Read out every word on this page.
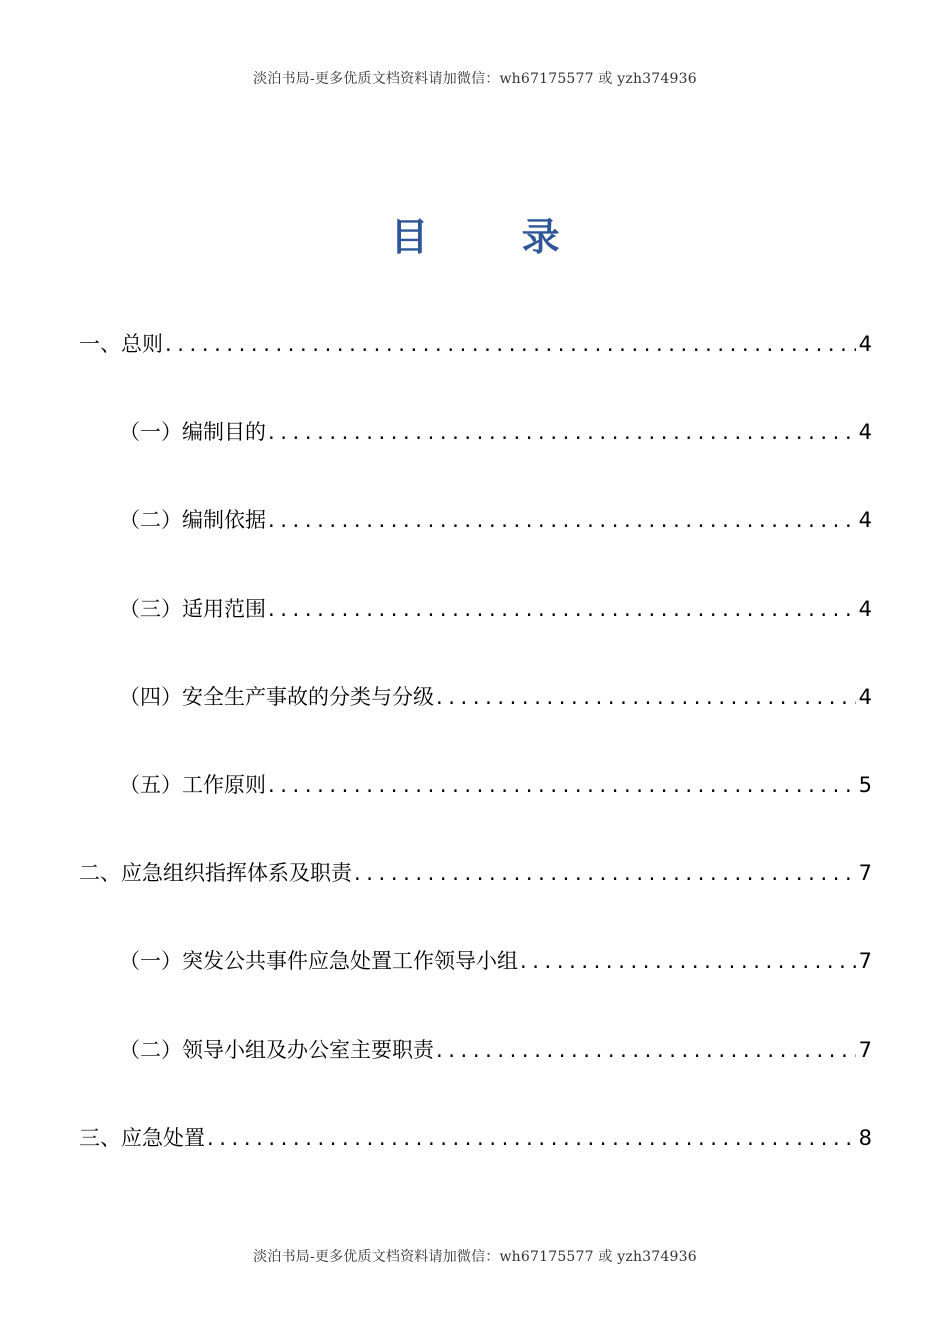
淡泊书局-更多优质文档资料请加微信：wh67175577 或 yzh374936
目 录
一、总则 .....	4
（一）编制目的 .....	4
（二）编制依据 .....	4
（三）适用范围 .....	4
（四）安全生产事故的分类与分级 .....	4
（五）工作原则 .....	5
二、应急组织指挥体系及职责 .....	7
（一）突发公共事件应急处置工作领导小组 .....	7
（二）领导小组及办公室主要职责 .....	7
三、应急处置 .....	8
淡泊书局-更多优质文档资料请加微信：wh67175577 或 yzh374936
